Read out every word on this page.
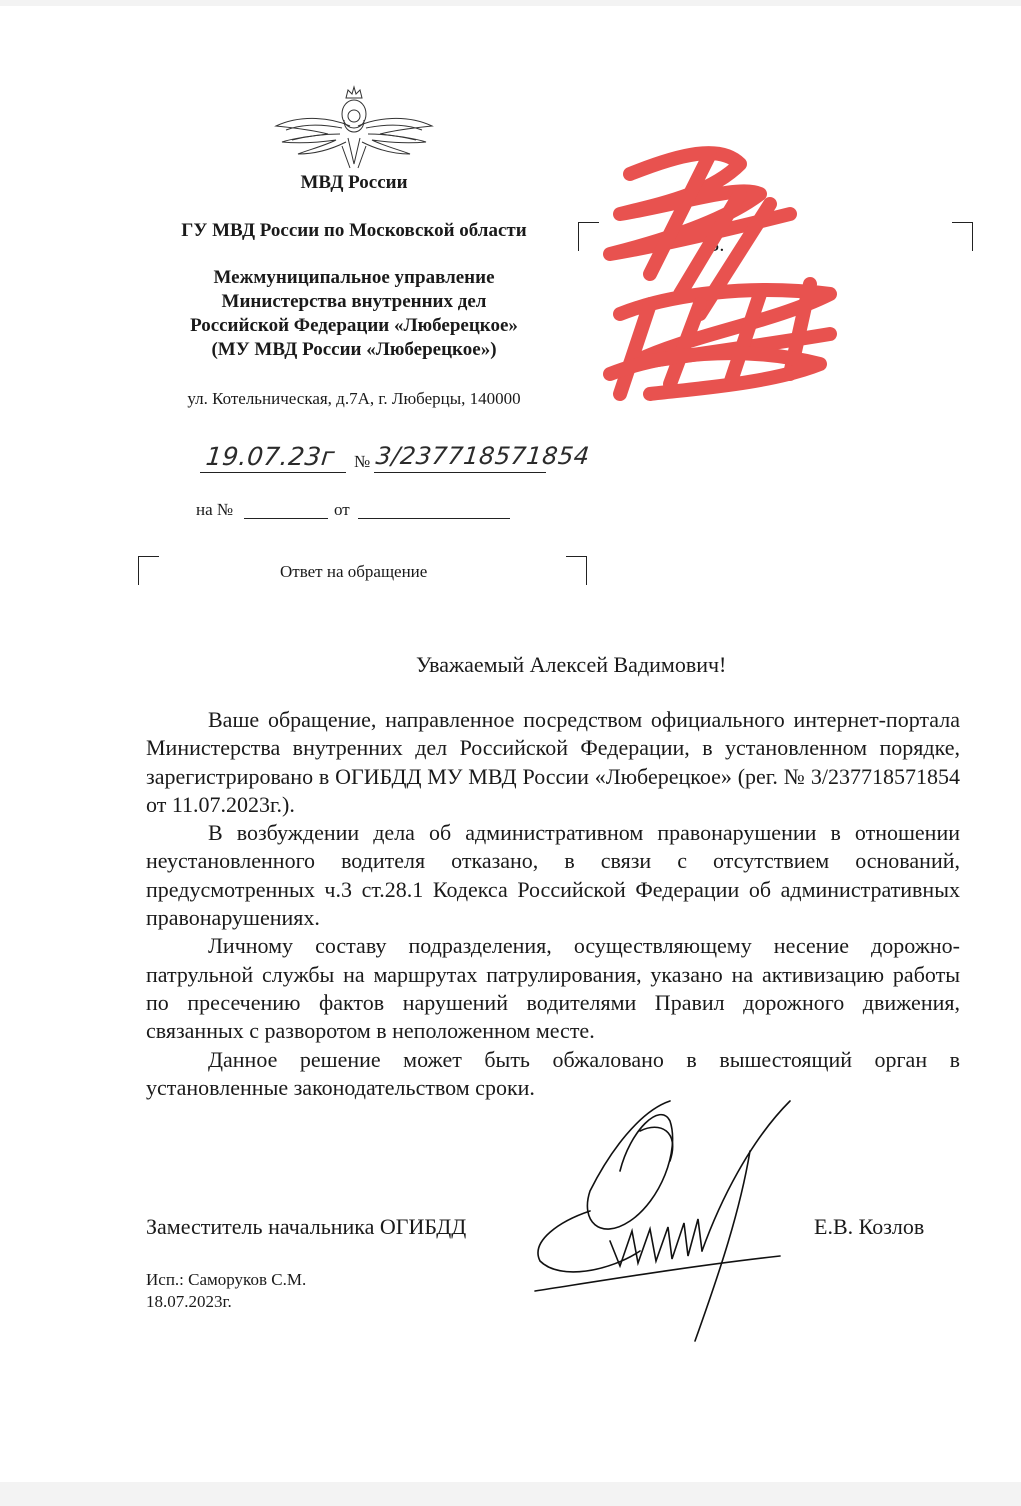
МВД России
ГУ МВД России по Московской области
Межмуниципальное управление
Министерства внутренних дел
Российской Федерации «Люберецкое»
(МУ МВД России «Люберецкое»)
ул. Котельническая, д.7А, г. Люберцы, 140000
19.07.23г № 3/237718571854
на №	от
В.
Ответ на обращение
Уважаемый Алексей Вадимович!

Ваше обращение, направленное посредством официального интернет-портала Министерства внутренних дел Российской Федерации, в установленном порядке, зарегистрировано в ОГИБДД МУ МВД России «Люберецкое» (рег. № 3/237718571854 от 11.07.2023г.).

В возбуждении дела об административном правонарушении в отношении неустановленного водителя отказано, в связи с отсутствием оснований, предусмотренных ч.3 ст.28.1 Кодекса Российской Федерации об административных правонарушениях.

Личному составу подразделения, осуществляющему несение дорожно-патрульной службы на маршрутах патрулирования, указано на активизацию работы по пресечению фактов нарушений водителями Правил дорожного движения, связанных с разворотом в неположенном месте.

Данное решение может быть обжаловано в вышестоящий орган в установленные законодательством сроки.

Заместитель начальника ОГИБДД	Е.В. Козлов
Исп.: Саморуков С.М.
18.07.2023г.
